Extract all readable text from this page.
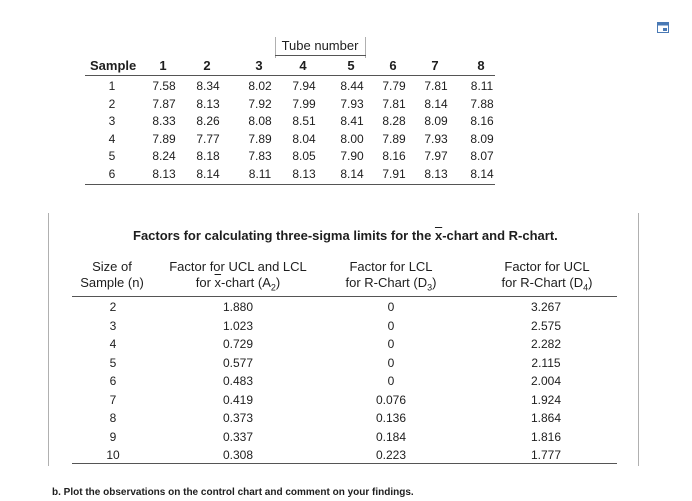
Tube number
Sample	1	2	3	4	5	6	7	8
1	7.58	8.34	8.02	7.94	8.44	7.79	7.81	8.11
2	7.87	8.13	7.92	7.99	7.93	7.81	8.14	7.88
3	8.33	8.26	8.08	8.51	8.41	8.28	8.09	8.16
4	7.89	7.77	7.89	8.04	8.00	7.89	7.93	8.09
5	8.24	8.18	7.83	8.05	7.90	8.16	7.97	8.07
6	8.13	8.14	8.11	8.13	8.14	7.91	8.13	8.14
Factors for calculating three-sigma limits for the $\overline{x}$-chart and R-chart.
Size of
Sample (n)
Factor for UCL and LCL
for $\overline{x}$-chart $(A_2)$
Factor for LCL
for R-Chart $(D_3)$
Factor for UCL
for R-Chart $(D_4)$
2	1.880	0	3.267
3	1.023	0	2.575
4	0.729	0	2.282
5	0.577	0	2.115
6	0.483	0	2.004
7	0.419	0.076	1.924
8	0.373	0.136	1.864
9	0.337	0.184	1.816
10	0.308	0.223	1.777
b. Plot the observations on the control chart and comment on your findings.
